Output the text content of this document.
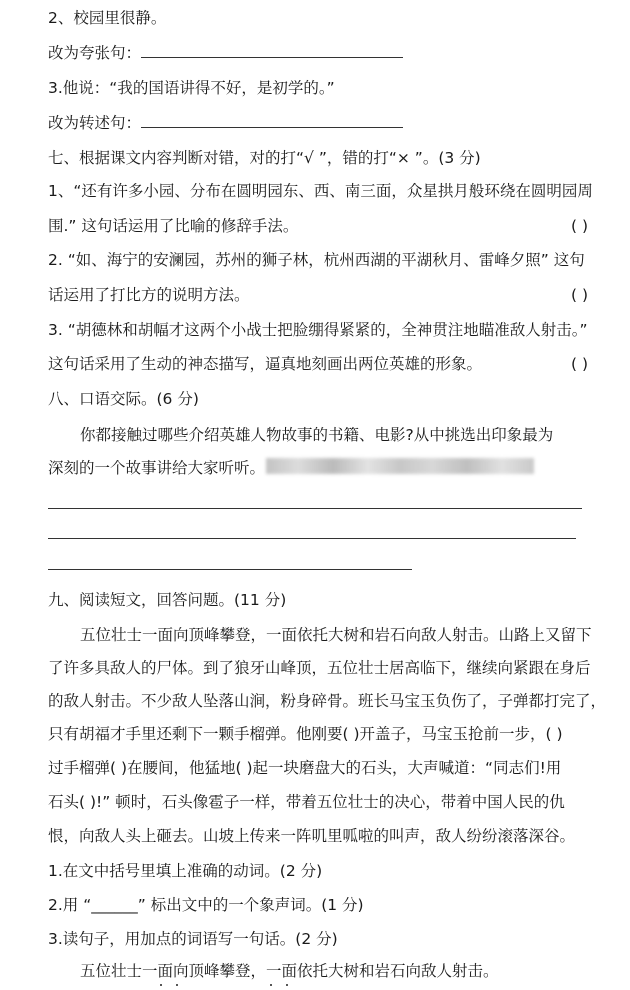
2、校园里很静。
改为夸张句：
3.他说：“我的国语讲得不好，是初学的。”
改为转述句：
七、根据课文内容判断对错，对的打“√ ”，错的打“× ”。(3 分)
1、“还有许多小园、分布在圆明园东、西、南三面，众星拱月般环绕在圆明园周
围.” 这句话运用了比喻的修辞手法。	( )
2. “如、海宁的安澜园，苏州的狮子林，杭州西湖的平湖秋月、雷峰夕照” 这句
话运用了打比方的说明方法。	( )
3. “胡德林和胡幅才这两个小战士把脸绷得紧紧的，全神贯注地瞄准敌人射击。”
这句话采用了生动的神态描写，逼真地刻画出两位英雄的形象。	( )
八、口语交际。(6 分)
你都接触过哪些介绍英雄人物故事的书籍、电影?从中挑选出印象最为
深刻的一个故事讲给大家听听。
九、阅读短文，回答问题。(11 分)
五位壮士一面向顶峰攀登，一面依托大树和岩石向敌人射击。山路上又留下
了许多具敌人的尸体。到了狼牙山峰顶，五位壮士居高临下，继续向紧跟在身后
的敌人射击。不少敌人坠落山涧，粉身碎骨。班长马宝玉负伤了，子弹都打完了，
只有胡福才手里还剩下一颗手榴弹。他刚要( )开盖子，马宝玉抢前一步，( )
过手榴弹( )在腰间，他猛地( )起一块磨盘大的石头，大声喊道：“同志们!用
石头( )!” 顿时，石头像雹子一样，带着五位壮士的决心，带着中国人民的仇
恨，向敌人头上砸去。山坡上传来一阵叽里呱啦的叫声，敌人纷纷滚落深谷。
1.在文中括号里填上准确的动词。(2 分)
2.用 “______” 标出文中的一个象声词。(1 分)
3.读句子，用加点的词语写一句话。(2 分)
五位壮士一面向顶峰攀登，一面依托大树和岩石向敌人射击。
